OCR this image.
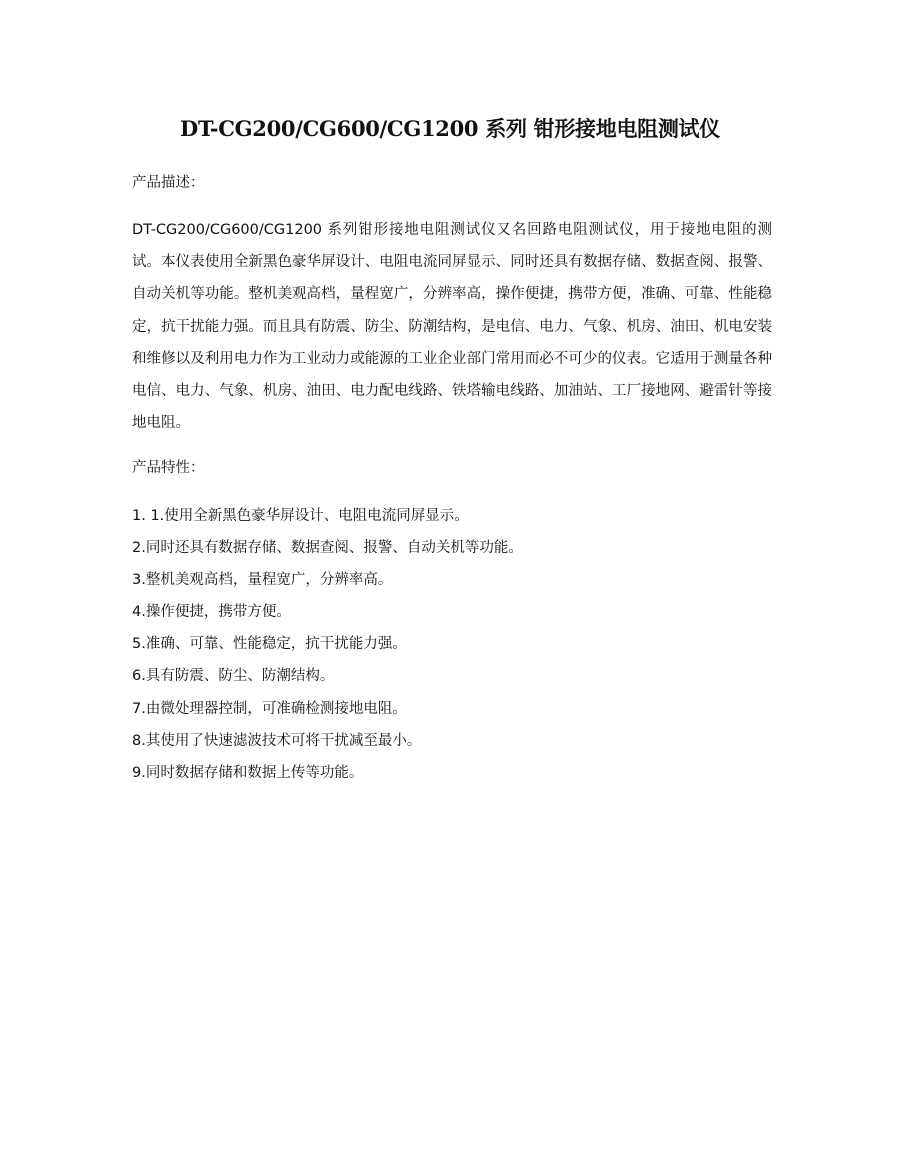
DT-CG200/CG600/CG1200 系列 钳形接地电阻测试仪
产品描述：

DT-CG200/CG600/CG1200 系列钳形接地电阻测试仪又名回路电阻测试仪，用于接地电阻的测试。本仪表使用全新黑色豪华屏设计、电阻电流同屏显示、同时还具有数据存储、数据查阅、报警、自动关机等功能。整机美观高档，量程宽广，分辨率高，操作便捷，携带方便，准确、可靠、性能稳定，抗干扰能力强。而且具有防震、防尘、防潮结构，是电信、电力、气象、机房、油田、机电安装和维修以及利用电力作为工业动力或能源的工业企业部门常用而必不可少的仪表。它适用于测量各种电信、电力、气象、机房、油田、电力配电线路、铁塔输电线路、加油站、工厂接地网、避雷针等接地电阻。

产品特性：
1. 1.使用全新黑色豪华屏设计、电阻电流同屏显示。
2.同时还具有数据存储、数据查阅、报警、自动关机等功能。
3.整机美观高档，量程宽广，分辨率高。
4.操作便捷，携带方便。
5.准确、可靠、性能稳定，抗干扰能力强。
6.具有防震、防尘、防潮结构。
7.由微处理器控制，可准确检测接地电阻。
8.其使用了快速滤波技术可将干扰减至最小。
9.同时数据存储和数据上传等功能。
